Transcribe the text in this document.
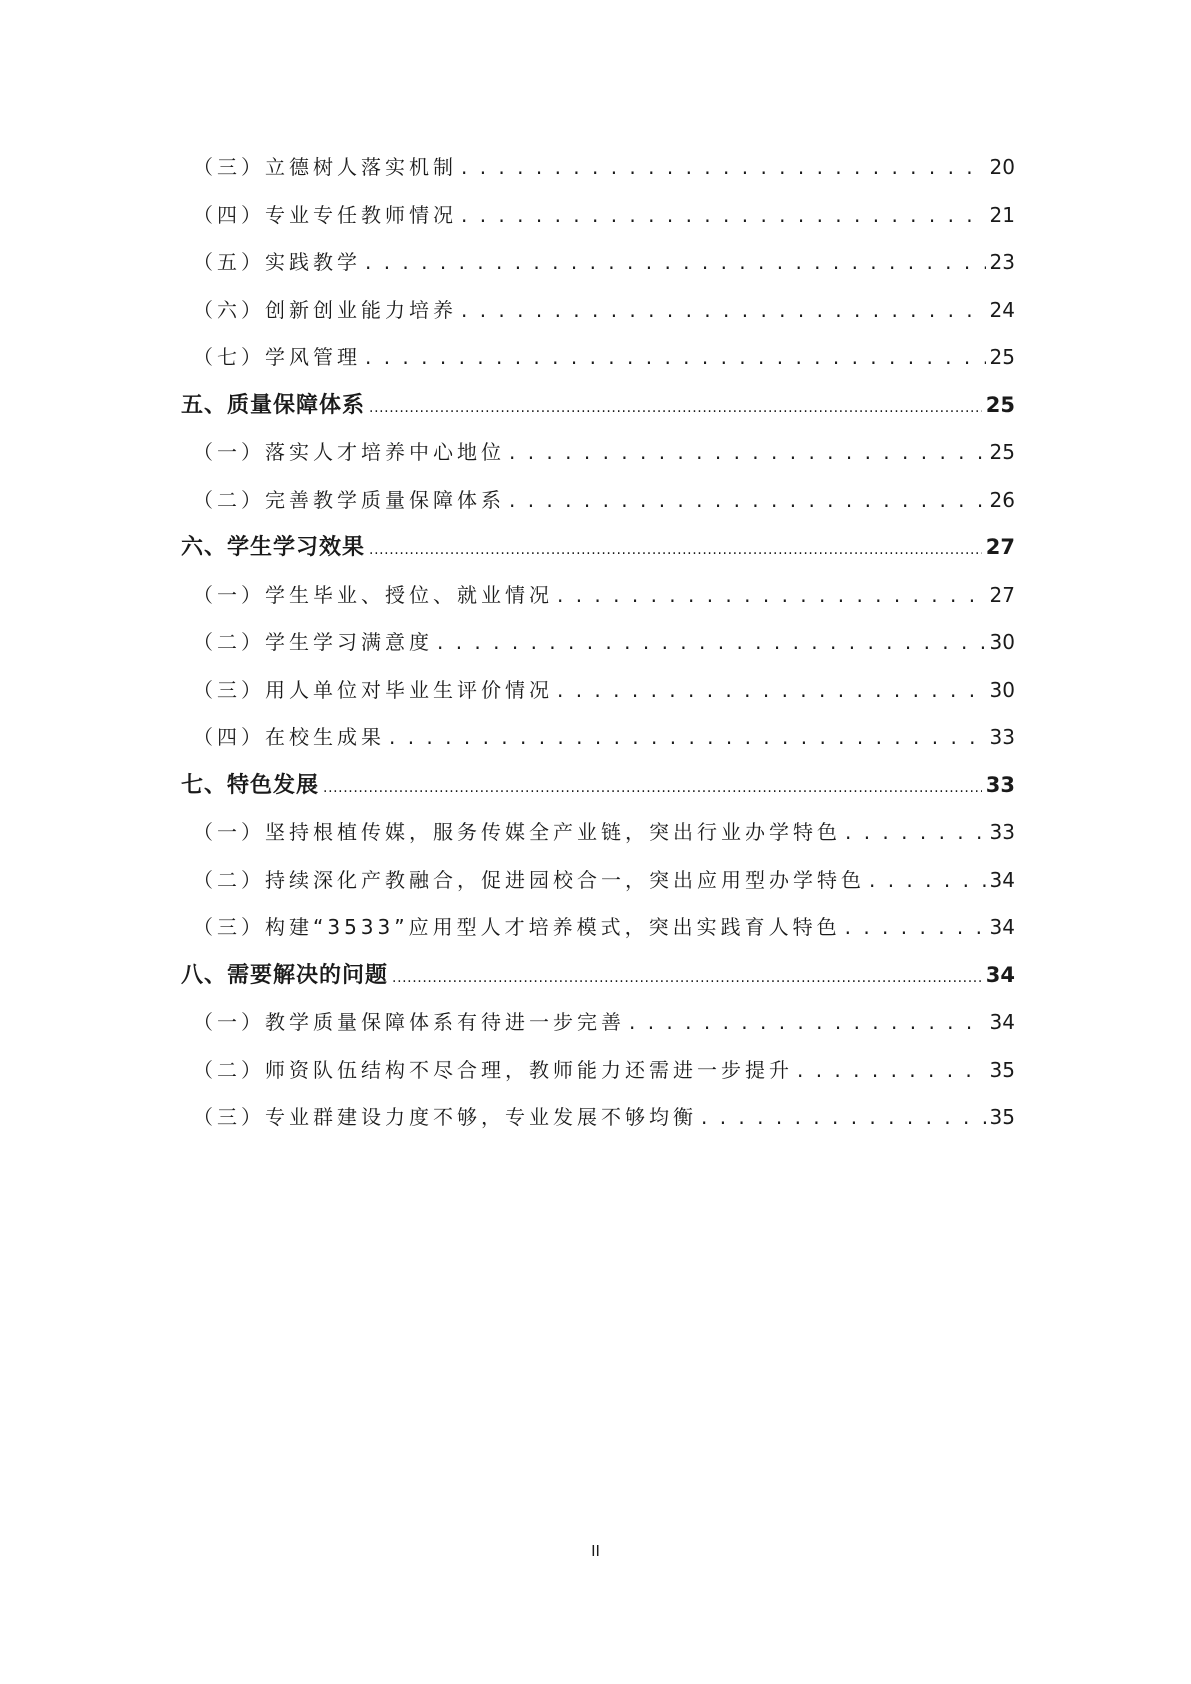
（三）立德树人落实机制 . . .	20
（四）专业专任教师情况 . . .	21
（五）实践教学 . . .	23
（六）创新创业能力培养 . . .	24
（七）学风管理 . . .	25
五、质量保障体系 .....	25
（一）落实人才培养中心地位 . . .	25
（二）完善教学质量保障体系 . . .	26
六、学生学习效果 .....	27
（一）学生毕业、授位、就业情况 . . .	27
（二）学生学习满意度 . . .	30
（三）用人单位对毕业生评价情况 . . .	30
（四）在校生成果 . . .	33
七、特色发展 .....	33
（一）坚持根植传媒，服务传媒全产业链，突出行业办学特色 . . .	33
（二）持续深化产教融合，促进园校合一，突出应用型办学特色 . . .	34
（三）构建“3533”应用型人才培养模式，突出实践育人特色 . . .	34
八、需要解决的问题 .....	34
（一）教学质量保障体系有待进一步完善 . . .	34
（二）师资队伍结构不尽合理，教师能力还需进一步提升 . . .	35
（三）专业群建设力度不够，专业发展不够均衡 . . .	35
II
